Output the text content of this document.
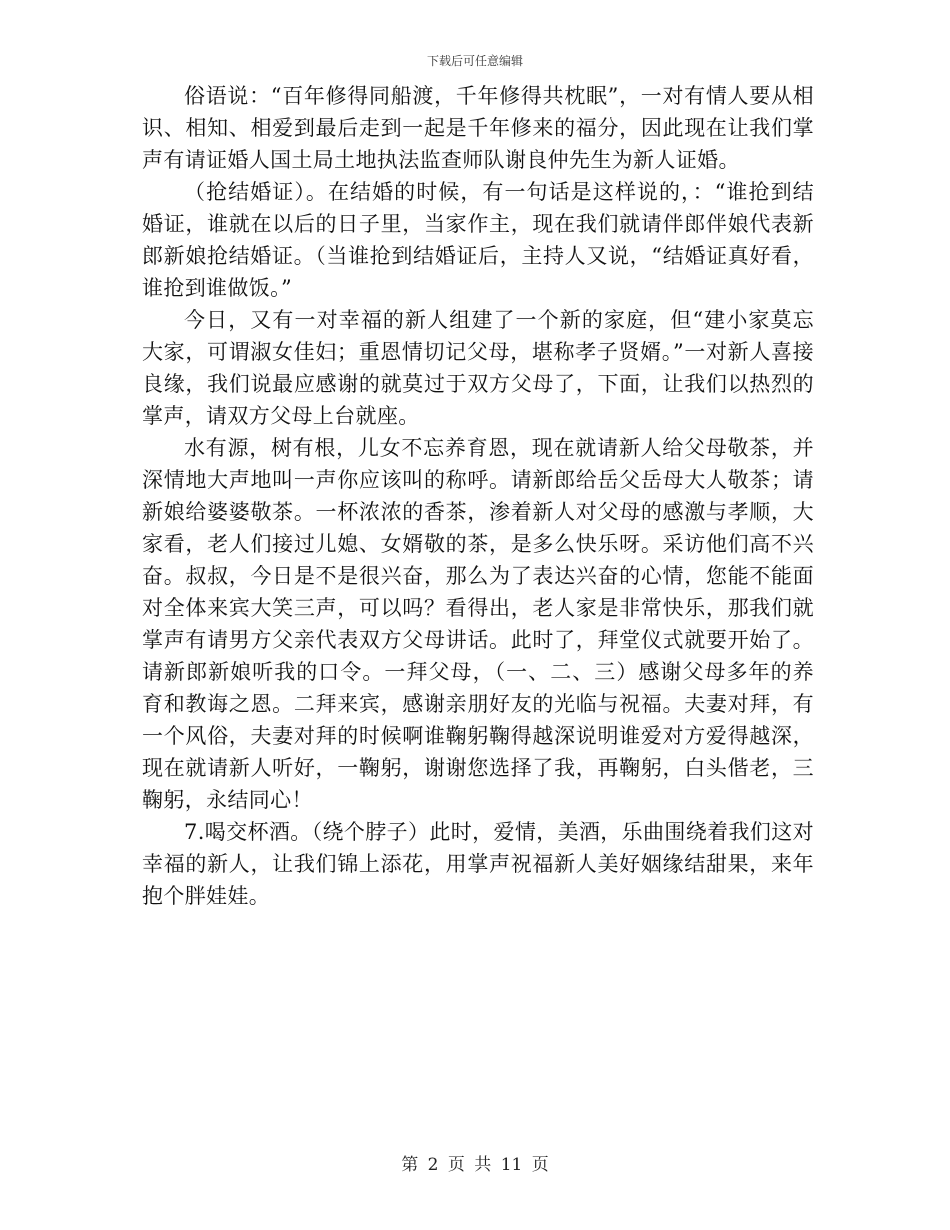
下载后可任意编辑

俗语说：“百年修得同船渡，千年修得共枕眠”，一对有情人要从相识、相知、相爱到最后走到一起是千年修来的福分，因此现在让我们掌声有请证婚人国土局土地执法监查师队谢良仲先生为新人证婚。

（抢结婚证）。在结婚的时候，有一句话是这样说的，：“谁抢到结婚证，谁就在以后的日子里，当家作主，现在我们就请伴郎伴娘代表新郎新娘抢结婚证。（当谁抢到结婚证后，主持人又说，“结婚证真好看，谁抢到谁做饭。”

今日，又有一对幸福的新人组建了一个新的家庭，但“建小家莫忘大家，可谓淑女佳妇；重恩情切记父母，堪称孝子贤婿。”一对新人喜接良缘，我们说最应感谢的就莫过于双方父母了，下面，让我们以热烈的掌声，请双方父母上台就座。

水有源，树有根，儿女不忘养育恩，现在就请新人给父母敬茶，并深情地大声地叫一声你应该叫的称呼。请新郎给岳父岳母大人敬茶；请新娘给婆婆敬茶。一杯浓浓的香茶，渗着新人对父母的感激与孝顺，大家看，老人们接过儿媳、女婿敬的茶，是多么快乐呀。采访他们高不兴奋。叔叔，今日是不是很兴奋，那么为了表达兴奋的心情，您能不能面对全体来宾大笑三声，可以吗？看得出，老人家是非常快乐，那我们就掌声有请男方父亲代表双方父母讲话。此时了，拜堂仪式就要开始了。请新郎新娘听我的口令。一拜父母，（一、二、三）感谢父母多年的养育和教诲之恩。二拜来宾，感谢亲朋好友的光临与祝福。夫妻对拜，有一个风俗，夫妻对拜的时候啊谁鞠躬鞠得越深说明谁爱对方爱得越深，现在就请新人听好，一鞠躬，谢谢您选择了我，再鞠躬，白头偕老，三鞠躬，永结同心！

7.喝交杯酒。（绕个脖子）此时，爱情，美酒，乐曲围绕着我们这对幸福的新人，让我们锦上添花，用掌声祝福新人美好姻缘结甜果，来年抱个胖娃娃。

第 2 页 共 11 页
